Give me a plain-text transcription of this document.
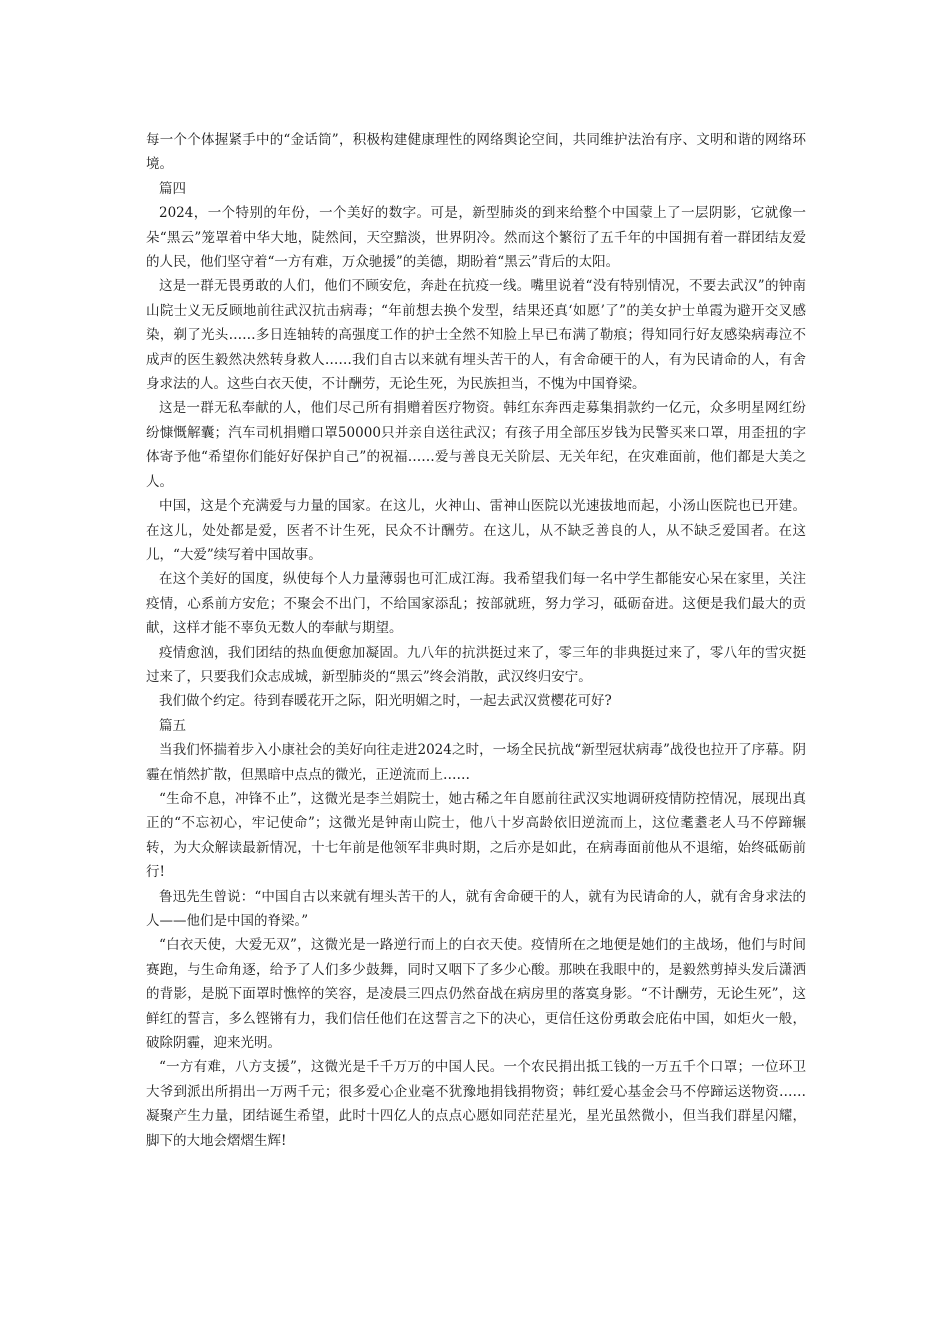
每一个个体握紧手中的“金话筒”，积极构建健康理性的网络舆论空间，共同维护法治有序、文明和谐的网络环境。

篇四

2024，一个特别的年份，一个美好的数字。可是，新型肺炎的到来给整个中国蒙上了一层阴影，它就像一朵“黑云”笼罩着中华大地，陡然间，天空黯淡，世界阴冷。然而这个繁衍了五千年的中国拥有着一群团结友爱的人民，他们坚守着“一方有难，万众驰援”的美德，期盼着“黑云”背后的太阳。

这是一群无畏勇敢的人们，他们不顾安危，奔赴在抗疫一线。嘴里说着“没有特别情况，不要去武汉”的钟南山院士义无反顾地前往武汉抗击病毒；“年前想去换个发型，结果还真‘如愿’了”的美女护士单霞为避开交叉感染，剃了光头……多日连轴转的高强度工作的护士全然不知脸上早已布满了勒痕；得知同行好友感染病毒泣不成声的医生毅然决然转身救人……我们自古以来就有埋头苦干的人，有舍命硬干的人，有为民请命的人，有舍身求法的人。这些白衣天使，不计酬劳，无论生死，为民族担当，不愧为中国脊梁。

这是一群无私奉献的人，他们尽己所有捐赠着医疗物资。韩红东奔西走募集捐款约一亿元，众多明星网红纷纷慷慨解囊；汽车司机捐赠口罩50000只并亲自送往武汉；有孩子用全部压岁钱为民警买来口罩，用歪扭的字体寄予他“希望你们能好好保护自己”的祝福……爱与善良无关阶层、无关年纪，在灾难面前，他们都是大美之人。

中国，这是个充满爱与力量的国家。在这儿，火神山、雷神山医院以光速拔地而起，小汤山医院也已开建。在这儿，处处都是爱，医者不计生死，民众不计酬劳。在这儿，从不缺乏善良的人，从不缺乏爱国者。在这儿，“大爱”续写着中国故事。

在这个美好的国度，纵使每个人力量薄弱也可汇成江海。我希望我们每一名中学生都能安心呆在家里，关注疫情，心系前方安危；不聚会不出门，不给国家添乱；按部就班，努力学习，砥砺奋进。这便是我们最大的贡献，这样才能不辜负无数人的奉献与期望。

疫情愈汹，我们团结的热血便愈加凝固。九八年的抗洪挺过来了，零三年的非典挺过来了，零八年的雪灾挺过来了，只要我们众志成城，新型肺炎的“黑云”终会消散，武汉终归安宁。

我们做个约定。待到春暖花开之际，阳光明媚之时，一起去武汉赏樱花可好?

篇五

当我们怀揣着步入小康社会的美好向往走进2024之时，一场全民抗战“新型冠状病毒”战役也拉开了序幕。阴霾在悄然扩散，但黑暗中点点的微光，正逆流而上……

“生命不息，冲锋不止”，这微光是李兰娟院士，她古稀之年自愿前往武汉实地调研疫情防控情况，展现出真正的“不忘初心，牢记使命”；这微光是钟南山院士，他八十岁高龄依旧逆流而上，这位耄耋老人马不停蹄辗转，为大众解读最新情况，十七年前是他领军非典时期，之后亦是如此，在病毒面前他从不退缩，始终砥砺前行!

鲁迅先生曾说：“中国自古以来就有埋头苦干的人，就有舍命硬干的人，就有为民请命的人，就有舍身求法的人——他们是中国的脊梁。”

“白衣天使，大爱无双”，这微光是一路逆行而上的白衣天使。疫情所在之地便是她们的主战场，他们与时间赛跑，与生命角逐，给予了人们多少鼓舞，同时又咽下了多少心酸。那映在我眼中的，是毅然剪掉头发后潇洒的背影，是脱下面罩时憔悴的笑容，是凌晨三四点仍然奋战在病房里的落寞身影。“不计酬劳，无论生死”，这鲜红的誓言，多么铿锵有力，我们信任他们在这誓言之下的决心，更信任这份勇敢会庇佑中国，如炬火一般，破除阴霾，迎来光明。

“一方有难，八方支援”，这微光是千千万万的中国人民。一个农民捐出抵工钱的一万五千个口罩；一位环卫大爷到派出所捐出一万两千元；很多爱心企业毫不犹豫地捐钱捐物资；韩红爱心基金会马不停蹄运送物资……凝聚产生力量，团结诞生希望，此时十四亿人的点点心愿如同茫茫星光，星光虽然微小，但当我们群星闪耀，脚下的大地会熠熠生辉!
